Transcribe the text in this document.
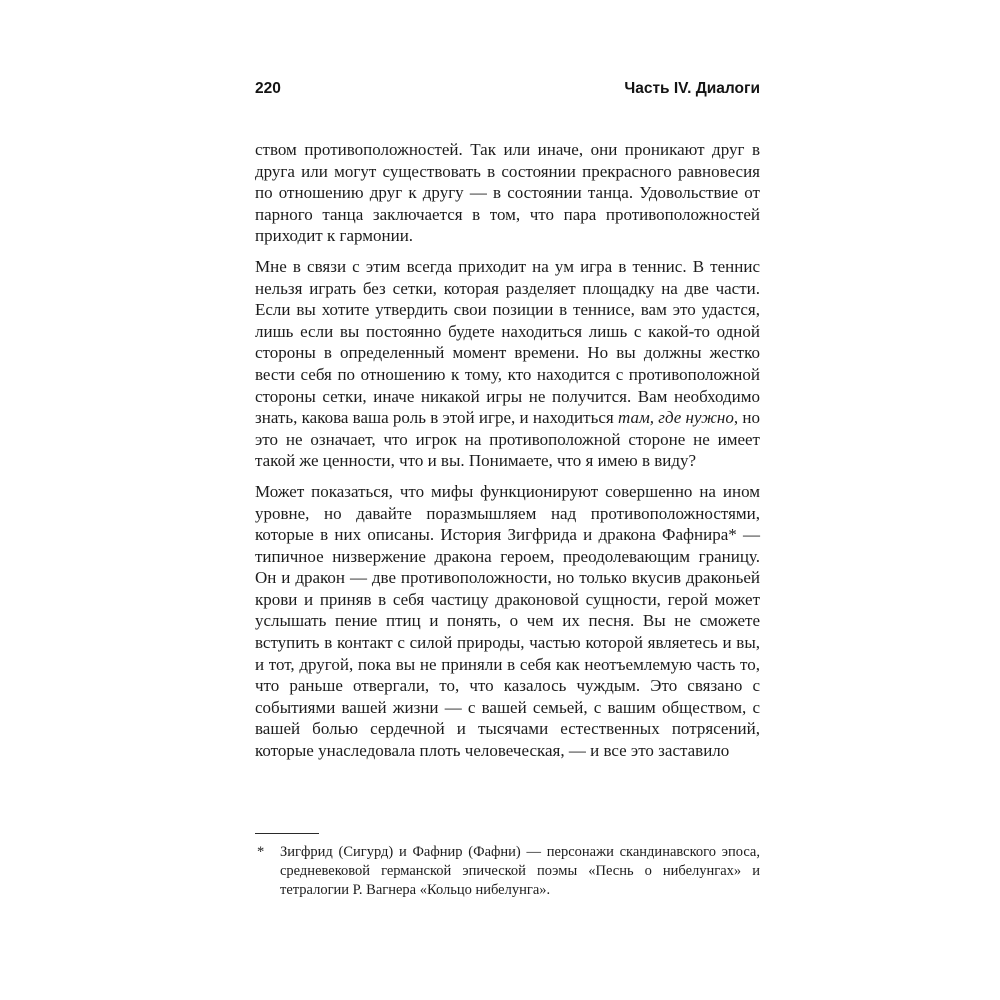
220	Часть IV. Диалоги

ством противоположностей. Так или иначе, они проникают друг в друга или могут существовать в состоянии прекрасного равновесия по отношению друг к другу — в состоянии танца. Удовольствие от парного танца заключается в том, что пара противоположностей приходит к гармонии.

Мне в связи с этим всегда приходит на ум игра в теннис. В теннис нельзя играть без сетки, которая разделяет площадку на две части. Если вы хотите утвердить свои позиции в теннисе, вам это удастся, лишь если вы постоянно будете находиться лишь с какой-то одной стороны в определенный момент времени. Но вы должны жестко вести себя по отношению к тому, кто находится с противоположной стороны сетки, иначе никакой игры не получится. Вам необходимо знать, какова ваша роль в этой игре, и находиться там, где нужно, но это не означает, что игрок на противоположной стороне не имеет такой же ценности, что и вы. Понимаете, что я имею в виду?

Может показаться, что мифы функционируют совершенно на ином уровне, но давайте поразмышляем над противоположностями, которые в них описаны. История Зигфрида и дракона Фафнира* — типичное низвержение дракона героем, преодолевающим границу. Он и дракон — две противоположности, но только вкусив драконьей крови и приняв в себя частицу драконовой сущности, герой может услышать пение птиц и понять, о чем их песня. Вы не сможете вступить в контакт с силой природы, частью которой являетесь и вы, и тот, другой, пока вы не приняли в себя как неотъемлемую часть то, что раньше отвергали, то, что казалось чуждым. Это связано с событиями вашей жизни — с вашей семьей, с вашим обществом, с вашей болью сердечной и тысячами естественных потрясений, которые унаследовала плоть человеческая, — и все это заставило

* Зигфрид (Сигурд) и Фафнир (Фафни) — персонажи скандинавского эпоса, средневековой германской эпической поэмы «Песнь о нибелунгах» и тетралогии Р. Вагнера «Кольцо нибелунга».
